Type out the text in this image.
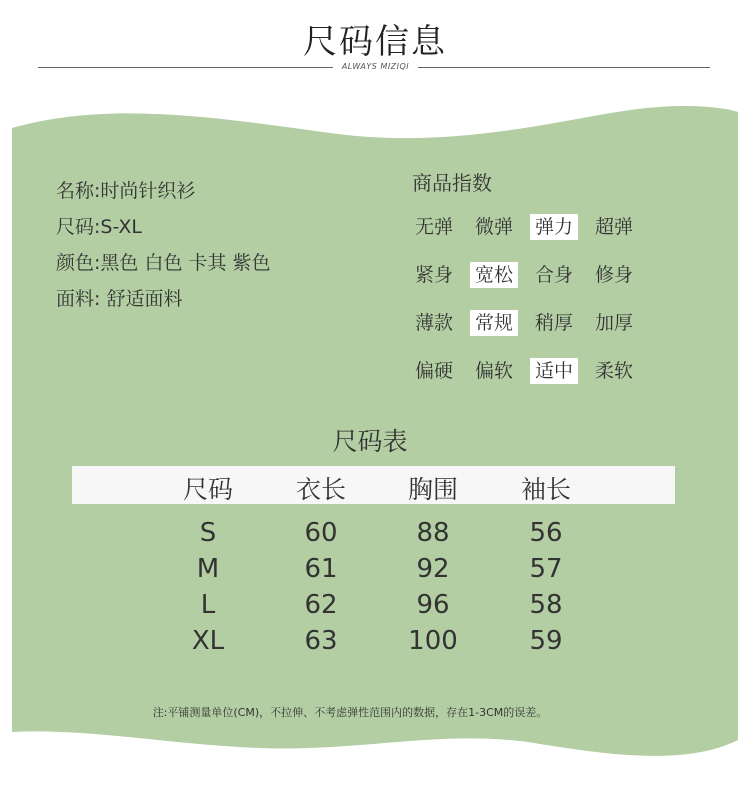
尺码信息
ALWAYS MIZIQI
名称:时尚针织衫
尺码:S-XL
颜色:黑色 白色 卡其 紫色
面料: 舒适面料
商品指数
无弹 微弹 弹力 超弹
紧身 宽松 合身 修身
薄款 常规 稍厚 加厚
偏硬 偏软 适中 柔软
尺码表
尺码	衣长	胸围	袖长
S	60	88	56
M	61	92	57
L	62	96	58
XL	63	100	59
注:平铺测量单位(CM)，不拉伸、不考虑弹性范围内的数据，存在1-3CM的误差。
